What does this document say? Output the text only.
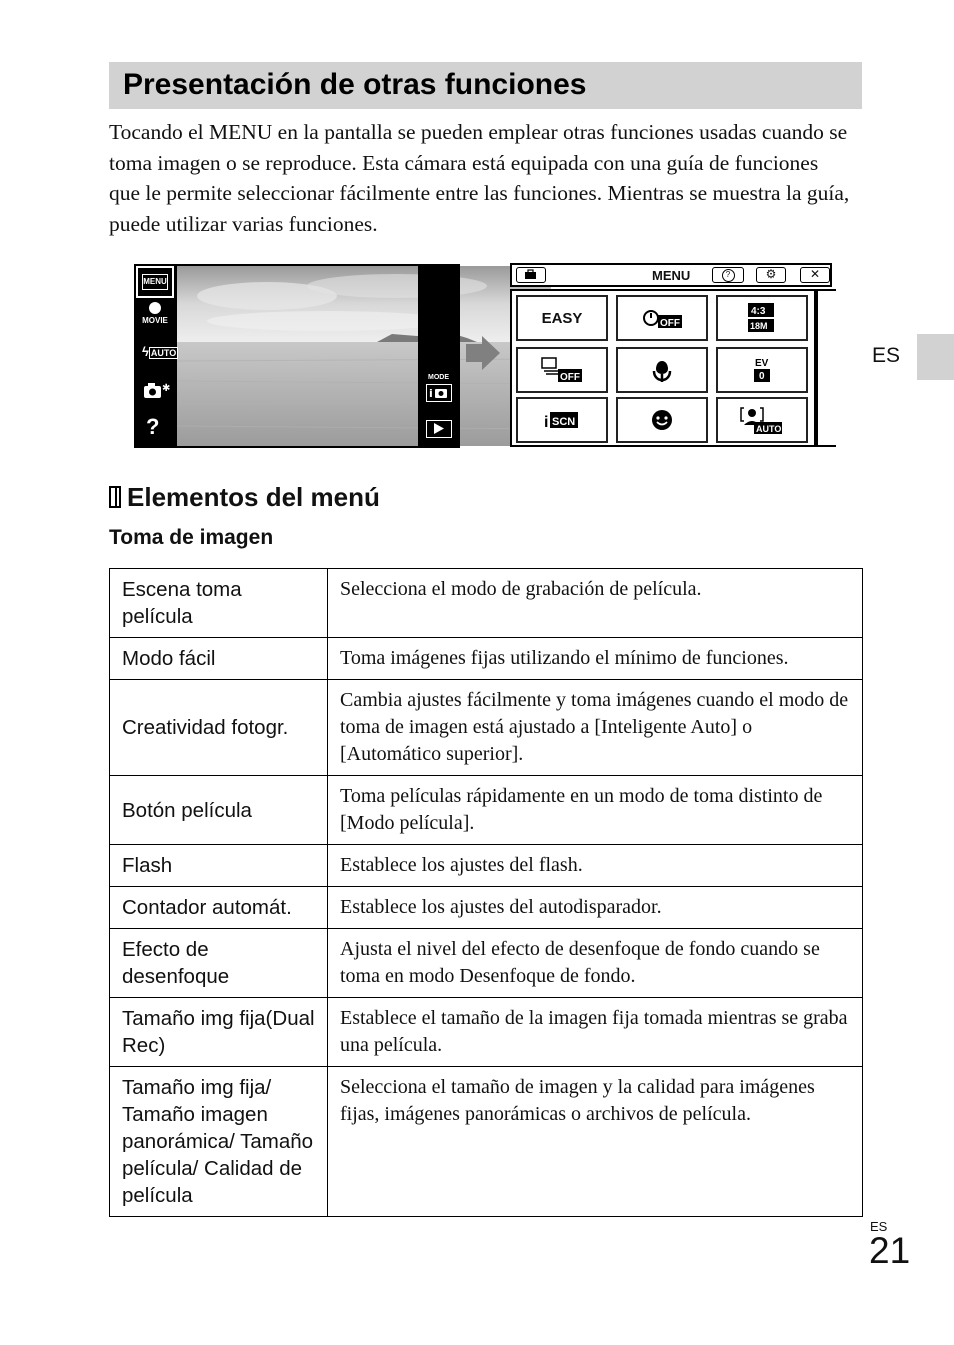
Presentación de otras funciones

Tocando el MENU en la pantalla se pueden emplear otras funciones usadas cuando se toma imagen o se reproduce. Esta cámara está equipada con una guía de funciones que le permite seleccionar fácilmente entre las funciones. Mientras se muestra la guía, puede utilizar varias funciones.

ES
MENU
MOVIE
ϟ AUTO
✱
?
MODE
i
MENU	?	⚙	✕
EASY	OFF
4:3
18M
OFF
EV
0
i SCN
AUTO
Elementos del menú
Toma de imagen
Escena toma película	Selecciona el modo de grabación de película.
Modo fácil	Toma imágenes fijas utilizando el mínimo de funciones.
Creatividad fotogr.	Cambia ajustes fácilmente y toma imágenes cuando el modo de toma de imagen está ajustado a [Inteligente Auto] o [Automático superior].
Botón película	Toma películas rápidamente en un modo de toma distinto de [Modo película].
Flash	Establece los ajustes del flash.
Contador automát.	Establece los ajustes del autodisparador.
Efecto de desenfoque	Ajusta el nivel del efecto de desenfoque de fondo cuando se toma en modo Desenfoque de fondo.
Tamaño img fija(Dual Rec)	Establece el tamaño de la imagen fija tomada mientras se graba una película.
Tamaño img fija/ Tamaño imagen panorámica/ Tamaño película/ Calidad de película	Selecciona el tamaño de imagen y la calidad para imágenes fijas, imágenes panorámicas o archivos de película.
ES
21
